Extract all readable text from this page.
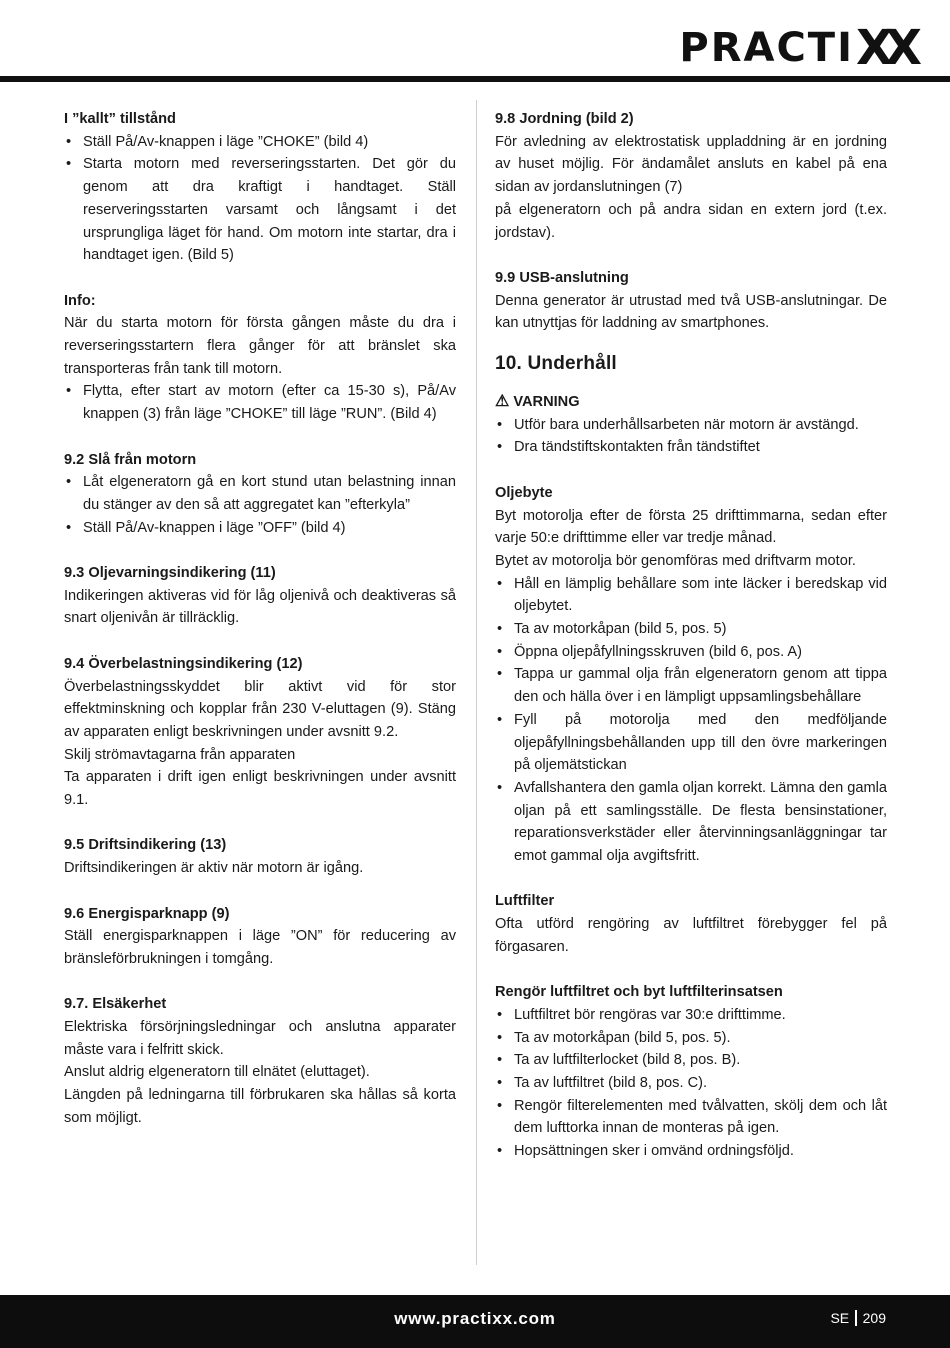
PRACTI XX
I ”kallt” tillstånd
• Ställ På/Av-knappen i läge ”CHOKE” (bild 4)
• Starta motorn med reverseringsstarten. Det gör du genom att dra kraftigt i handtaget. Ställ reserveringsstarten varsamt och långsamt i det ursprungliga läget för hand. Om motorn inte startar, dra i handtaget igen. (Bild 5)
Info:

När du starta motorn för första gången måste du dra i reverseringsstartern flera gånger för att bränslet ska transporteras från tank till motorn.

• Flytta, efter start av motorn (efter ca 15-30 s), På/Av knappen (3) från läge ”CHOKE” till läge ”RUN”. (Bild 4)
9.2 Slå från motorn
• Låt elgeneratorn gå en kort stund utan belastning innan du stänger av den så att aggregatet kan ”efterkyla”
• Ställ På/Av-knappen i läge ”OFF” (bild 4)
9.3 Oljevarningsindikering (11)

Indikeringen aktiveras vid för låg oljenivå och deaktiveras så snart oljenivån är tillräcklig.

9.4 Överbelastningsindikering (12)

Överbelastningsskyddet blir aktivt vid för stor effektminskning och kopplar från 230 V-eluttagen (9). Stäng av apparaten enligt beskrivningen under avsnitt 9.2.

Skilj strömavtagarna från apparaten

Ta apparaten i drift igen enligt beskrivningen under avsnitt 9.1.

9.5 Driftsindikering (13)

Driftsindikeringen är aktiv när motorn är igång.

9.6 Energisparknapp (9)

Ställ energisparknappen i läge ”ON” för reducering av bränsleförbrukningen i tomgång.

9.7. Elsäkerhet

Elektriska försörjningsledningar och anslutna apparater måste vara i felfritt skick.

Anslut aldrig elgeneratorn till elnätet (eluttaget).

Längden på ledningarna till förbrukaren ska hållas så korta som möjligt.

9.8 Jordning (bild 2)

För avledning av elektrostatisk uppladdning är en jordning av huset möjlig. För ändamålet ansluts en kabel på ena sidan av jordanslutningen (7)

på elgeneratorn och på andra sidan en extern jord (t.ex. jordstav).

9.9 USB-anslutning

Denna generator är utrustad med två USB-anslutningar. De kan utnyttjas för laddning av smartphones.

10. Underhåll
⚠ VARNING
• Utför bara underhållsarbeten när motorn är avstängd.
• Dra tändstiftskontakten från tändstiftet
Oljebyte

Byt motorolja efter de första 25 drifttimmarna, sedan efter varje 50:e drifttimme eller var tredje månad.

Bytet av motorolja bör genomföras med driftvarm motor.

• Håll en lämplig behållare som inte läcker i beredskap vid oljebytet.
• Ta av motorkåpan (bild 5, pos. 5)
• Öppna oljepåfyllningsskruven (bild 6, pos. A)
• Tappa ur gammal olja från elgeneratorn genom att tippa den och hälla över i en lämpligt uppsamlingsbehållare
• Fyll på motorolja med den medföljande oljepåfyllningsbehållanden upp till den övre markeringen på oljemätstickan
• Avfallshantera den gamla oljan korrekt. Lämna den gamla oljan på ett samlingsställe. De flesta bensinstationer, reparationsverkstäder eller återvinningsanläggningar tar emot gammal olja avgiftsfritt.
Luftfilter

Ofta utförd rengöring av luftfiltret förebygger fel på förgasaren.

Rengör luftfiltret och byt luftfilterinsatsen
• Luftfiltret bör rengöras var 30:e drifttimme.
• Ta av motorkåpan (bild 5, pos. 5).
• Ta av luftfilterlocket (bild 8, pos. B).
• Ta av luftfiltret (bild 8, pos. C).
• Rengör filterelementen med tvålvatten, skölj dem och låt dem lufttorka innan de monteras på igen.
• Hopsättningen sker i omvänd ordningsföljd.
www.practixx.com	SE 209
